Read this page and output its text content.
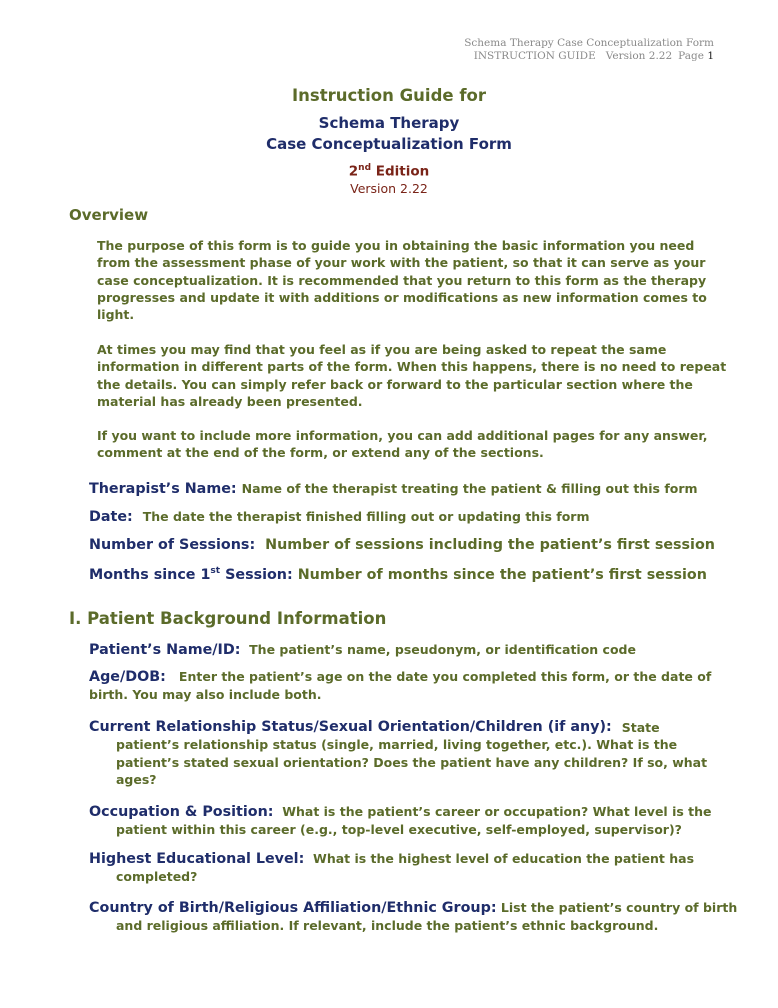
Schema Therapy Case Conceptualization Form
INSTRUCTION GUIDE Version 2.22 Page 1
Instruction Guide for
Schema Therapy
Case Conceptualization Form
2nd Edition
Version 2.22
Overview
The purpose of this form is to guide you in obtaining the basic information you need from the assessment phase of your work with the patient, so that it can serve as your case conceptualization. It is recommended that you return to this form as the therapy progresses and update it with additions or modifications as new information comes to light.
At times you may find that you feel as if you are being asked to repeat the same information in different parts of the form. When this happens, there is no need to repeat the details. You can simply refer back or forward to the particular section where the material has already been presented.
If you want to include more information, you can add additional pages for any answer, comment at the end of the form, or extend any of the sections.
Therapist’s Name: Name of the therapist treating the patient & filling out this form
Date: The date the therapist finished filling out or updating this form
Number of Sessions: Number of sessions including the patient’s first session
Months since 1st Session: Number of months since the patient’s first session
I. Patient Background Information
Patient’s Name/ID: The patient’s name, pseudonym, or identification code
Age/DOB: Enter the patient’s age on the date you completed this form, or the date of birth. You may also include both.
Current Relationship Status/Sexual Orientation/Children (if any): State patient’s relationship status (single, married, living together, etc.). What is the patient’s stated sexual orientation? Does the patient have any children? If so, what ages?
Occupation & Position: What is the patient’s career or occupation? What level is the patient within this career (e.g., top-level executive, self-employed, supervisor)?
Highest Educational Level: What is the highest level of education the patient has completed?
Country of Birth/Religious Affiliation/Ethnic Group: List the patient’s country of birth and religious affiliation. If relevant, include the patient’s ethnic background.
